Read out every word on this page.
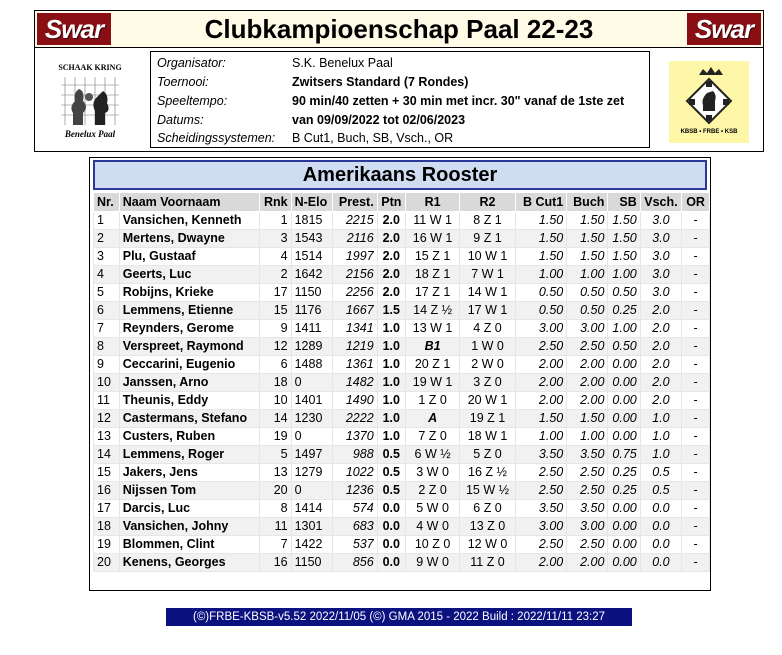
Swar	Clubkampioenschap Paal 22-23	Swar
SCHAAK KRING
Benelux Paal
Organisator:	S.K. Benelux Paal
Toernooi:	Zwitsers Standard (7 Rondes)
Speeltempo:	90 min/40 zetten + 30 min met incr. 30" vanaf de 1ste zet
Datums:	van 09/09/2022 tot 02/06/2023
Scheidingssystemen: B Cut1, Buch, SB, Vsch., OR	KBSB • FRBE • KSB
Amerikaans Rooster
Nr.	Naam Voornaam	Rnk	N-Elo	Prest.	Ptn	R1	R2	B Cut1	Buch	SB	Vsch.	OR
1	Vansichen, Kenneth	1	1815	2215	2.0	11 W 1	8 Z 1	1.50	1.50	1.50	3.0	-
2	Mertens, Dwayne	3	1543	2116	2.0	16 W 1	9 Z 1	1.50	1.50	1.50	3.0	-
3	Plu, Gustaaf	4	1514	1997	2.0	15 Z 1	10 W 1	1.50	1.50	1.50	3.0	-
4	Geerts, Luc	2	1642	2156	2.0	18 Z 1	7 W 1	1.00	1.00	1.00	3.0	-
5	Robijns, Krieke	17	1150	2256	2.0	17 Z 1	14 W 1	0.50	0.50	0.50	3.0	-
6	Lemmens, Etienne	15	1176	1667	1.5	14 Z ½	17 W 1	0.50	0.50	0.25	2.0	-
7	Reynders, Gerome	9	1411	1341	1.0	13 W 1	4 Z 0	3.00	3.00	1.00	2.0	-
8	Verspreet, Raymond	12	1289	1219	1.0	B1	1 W 0	2.50	2.50	0.50	2.0	-
9	Ceccarini, Eugenio	6	1488	1361	1.0	20 Z 1	2 W 0	2.00	2.00	0.00	2.0	-
10	Janssen, Arno	18	0	1482	1.0	19 W 1	3 Z 0	2.00	2.00	0.00	2.0	-
11	Theunis, Eddy	10	1401	1490	1.0	1 Z 0	20 W 1	2.00	2.00	0.00	2.0	-
12	Castermans, Stefano	14	1230	2222	1.0	A	19 Z 1	1.50	1.50	0.00	1.0	-
13	Custers, Ruben	19	0	1370	1.0	7 Z 0	18 W 1	1.00	1.00	0.00	1.0	-
14	Lemmens, Roger	5	1497	988	0.5	6 W ½	5 Z 0	3.50	3.50	0.75	1.0	-
15	Jakers, Jens	13	1279	1022	0.5	3 W 0	16 Z ½	2.50	2.50	0.25	0.5	-
16	Nijssen Tom	20	0	1236	0.5	2 Z 0	15 W ½	2.50	2.50	0.25	0.5	-
17	Darcis, Luc	8	1414	574	0.0	5 W 0	6 Z 0	3.50	3.50	0.00	0.0	-
18	Vansichen, Johny	11	1301	683	0.0	4 W 0	13 Z 0	3.00	3.00	0.00	0.0	-
19	Blommen, Clint	7	1422	537	0.0	10 Z 0	12 W 0	2.50	2.50	0.00	0.0	-
20	Kenens, Georges	16	1150	856	0.0	9 W 0	11 Z 0	2.00	2.00	0.00	0.0	-
(©)FRBE-KBSB-v5.52 2022/11/05 (©) GMA 2015 - 2022 Build : 2022/11/11 23:27
